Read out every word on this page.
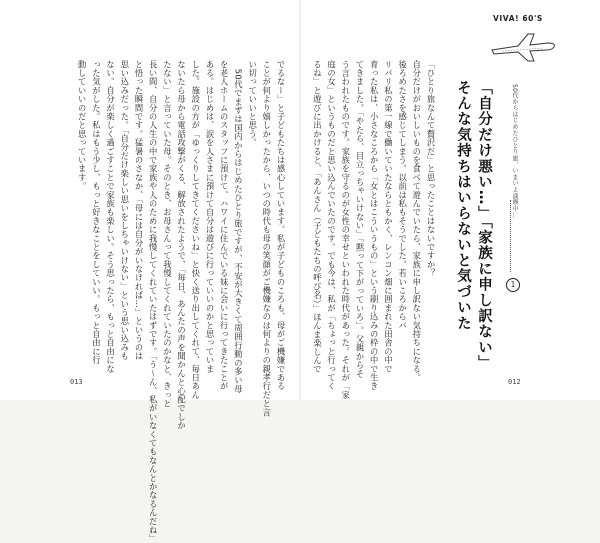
VIVA! 60'S
50代からはじめたひとり旅、いまいよ満喫中…
1
「自分だけ悪い…」「家族に申し訳ない」
そんな気持ちはいらないと気づいた
「ひとり旅なんて贅沢だ」と思ったことはないですか？
自分だけがおいしいものを食べて遊んでいたら、家族に申し訳ない気持ちになる。
後ろめたさを感じてしまう。以前は私もそうでした。若いころからバ
リバリ私の第一線で働いていたならともかく、レンコン畑に囲まれた田舎の中で
育った私は、小さなころから「女とはこういうもの」という刷り込みの枠の中で生き
てきました。「やたら、目立っちゃいけない」「黙って下がっていろ」。父親からそ
う言われたものです。家族を守るのが女性の幸せといわれた時代があった。それが「家
庭の女」というものだと思い込んでいたのです。でも今は、私が「ちょっと行ってく
るね」と遊びに出かけると、「あんさん（子どもたちの呼び名）」ほんま楽しんで
でるなー」と子どもたちは感心しています。私が子どものころも、母がご機嫌である
ことが何より嬉しかったから、いつの時代も母の笑顔がご機嫌なのは何よりの親孝行だと言
い切っていいと思う。
　50代でまずは国内からはじめたひとり旅ですが、不安が大きくて周囲行動の多い母
を老人ホームのスタッフに預けて、ハワイに住んでいる妹に会いに行ってきたことが
ある。はじめは、涙を人さまに預けて自分は遊びに行っていいのかと思っていま
した。施設の方が「ゆっくりしてきてくださいね」と快く送り出してくれて、毎日あん
ないたら母から電話攻撃がくる、解放されたようで、「毎日、あんたの声を聞かんと心配でしか
たない」と言っていた母。そのとき、お母さんって我慢してくれていたのかなと、きっと
長い間、自分の人生の中で家族や人のために我慢してくれていたはずです。「う～ん、私がいなくてもなんとかなるんだね」
と悟った瞬間です。猛暑のさなか、「母には自分がいなければ…」というのは
思い込みだった。「自分だけ楽しい思いをしちゃいけない」という思い込みも
ない。自分が楽しく過ごすことで家族も楽しい。そう思ったら、もっと自由にな
った気がした。私はもう少し、もっと好きなことをしていい。もっと自由に行
動していいのだと思っています。
013	012
